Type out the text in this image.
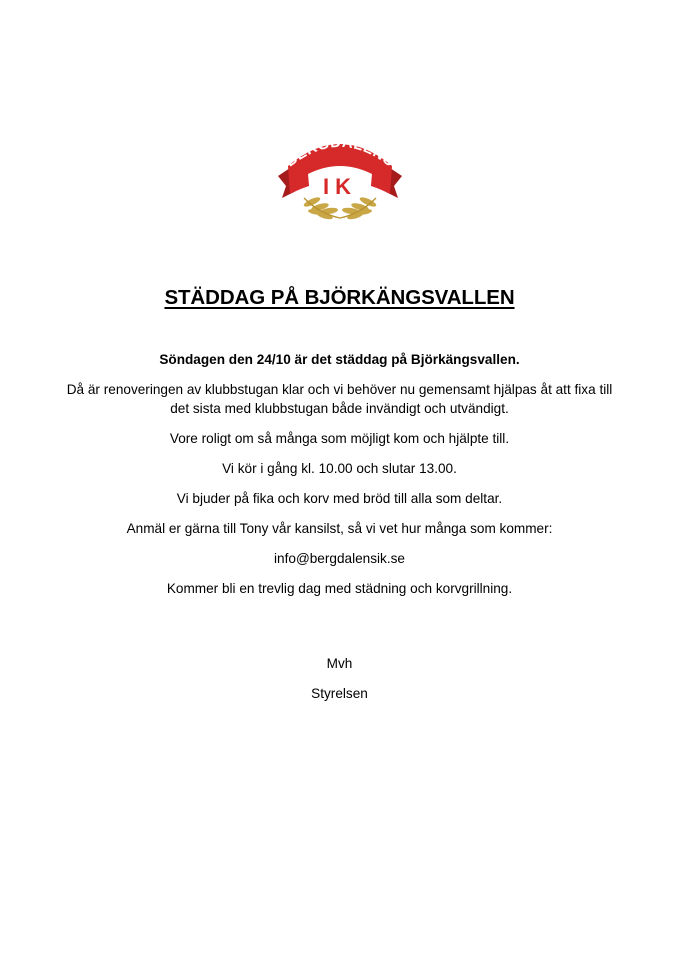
BERGDALENS
IK
STÄDDAG PÅ BJÖRKÄNGSVALLEN

Söndagen den 24/10 är det städdag på Björkängsvallen.

Då är renoveringen av klubbstugan klar och vi behöver nu gemensamt hjälpas åt att fixa till det sista med klubbstugan både invändigt och utvändigt.

Vore roligt om så många som möjligt kom och hjälpte till.

Vi kör i gång kl. 10.00 och slutar 13.00.

Vi bjuder på fika och korv med bröd till alla som deltar.

Anmäl er gärna till Tony vår kansilst, så vi vet hur många som kommer:

info@bergdalensik.se

Kommer bli en trevlig dag med städning och korvgrillning.

Mvh

Styrelsen
